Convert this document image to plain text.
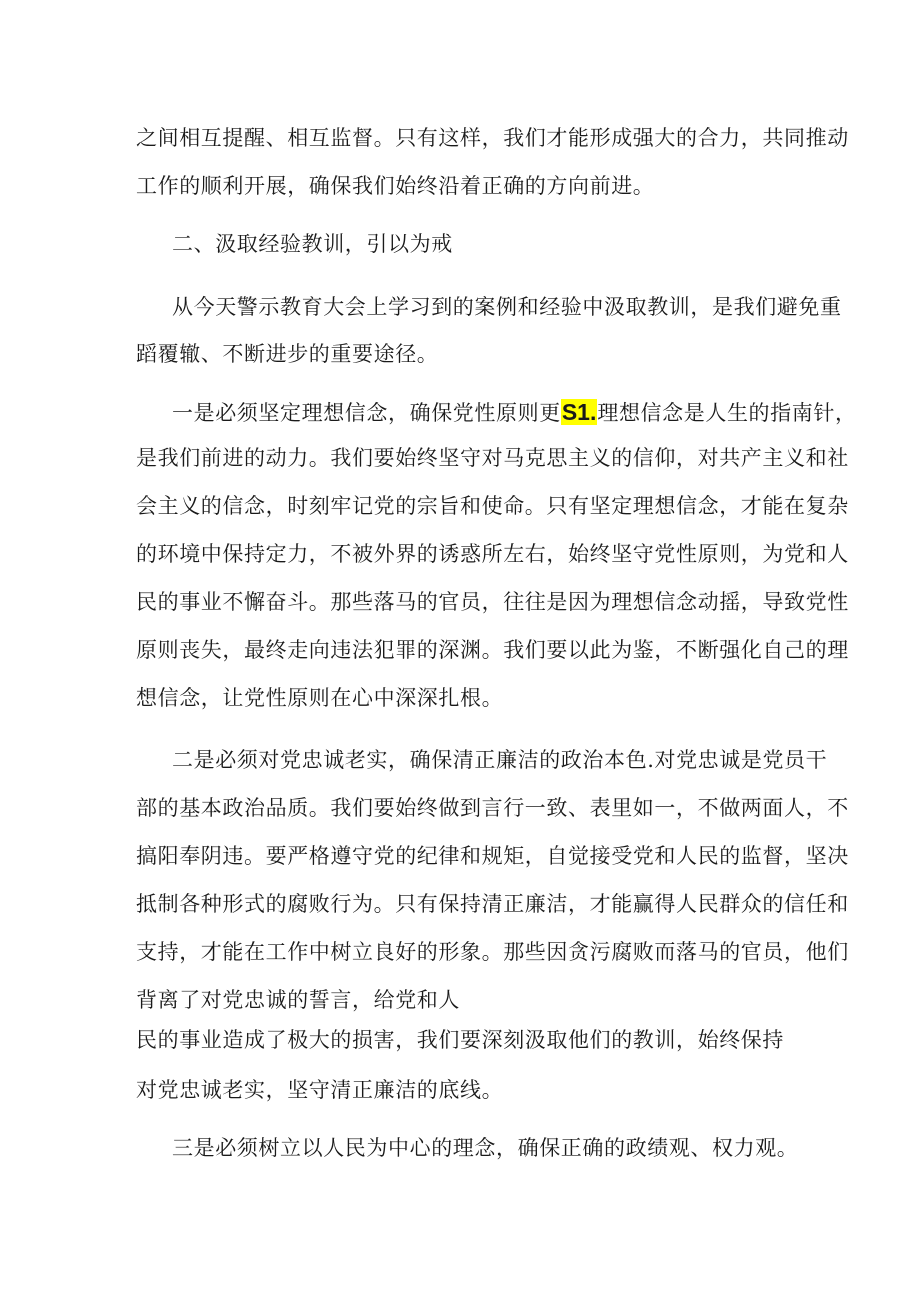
之间相互提醒、相互监督。只有这样，我们才能形成强大的合力，共同推动
工作的顺利开展，确保我们始终沿着正确的方向前进。
二、汲取经验教训，引以为戒
从今天警示教育大会上学习到的案例和经验中汲取教训，是我们避免重
蹈覆辙、不断进步的重要途径。
一是必须坚定理想信念，确保党性原则更S1.理想信念是人生的指南针，
是我们前进的动力。我们要始终坚守对马克思主义的信仰，对共产主义和社
会主义的信念，时刻牢记党的宗旨和使命。只有坚定理想信念，才能在复杂
的环境中保持定力，不被外界的诱惑所左右，始终坚守党性原则，为党和人
民的事业不懈奋斗。那些落马的官员，往往是因为理想信念动摇，导致党性
原则丧失，最终走向违法犯罪的深渊。我们要以此为鉴，不断强化自己的理
想信念，让党性原则在心中深深扎根。
二是必须对党忠诚老实，确保清正廉洁的政治本色.对党忠诚是党员干
部的基本政治品质。我们要始终做到言行一致、表里如一，不做两面人，不
搞阳奉阴违。要严格遵守党的纪律和规矩，自觉接受党和人民的监督，坚决
抵制各种形式的腐败行为。只有保持清正廉洁，才能赢得人民群众的信任和
支持，才能在工作中树立良好的形象。那些因贪污腐败而落马的官员，他们
背离了对党忠诚的誓言，给党和人
民的事业造成了极大的损害，我们要深刻汲取他们的教训，始终保持
对党忠诚老实，坚守清正廉洁的底线。
三是必须树立以人民为中心的理念，确保正确的政绩观、权力观。
